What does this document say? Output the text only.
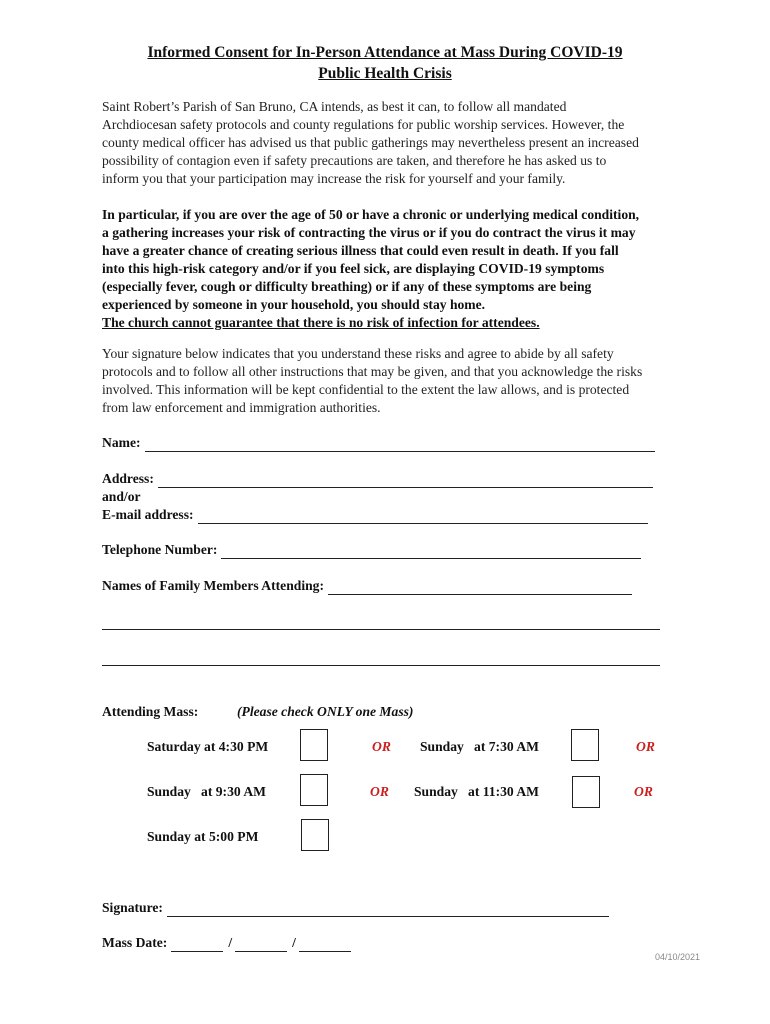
Informed Consent for In-Person Attendance at Mass During COVID-19
Public Health Crisis
Saint Robert’s Parish of San Bruno, CA intends, as best it can, to follow all mandated
Archdiocesan safety protocols and county regulations for public worship services. However, the
county medical officer has advised us that public gatherings may nevertheless present an increased
possibility of contagion even if safety precautions are taken, and therefore he has asked us to
inform you that your participation may increase the risk for yourself and your family.
In particular, if you are over the age of 50 or have a chronic or underlying medical condition,
a gathering increases your risk of contracting the virus or if you do contract the virus it may
have a greater chance of creating serious illness that could even result in death. If you fall
into this high-risk category and/or if you feel sick, are displaying COVID-19 symptoms
(especially fever, cough or difficulty breathing) or if any of these symptoms are being
experienced by someone in your household, you should stay home.
The church cannot guarantee that there is no risk of infection for attendees.
Your signature below indicates that you understand these risks and agree to abide by all safety
protocols and to follow all other instructions that may be given, and that you acknowledge the risks
involved. This information will be kept confidential to the extent the law allows, and is protected
from law enforcement and immigration authorities.
Name:
Address:
and/or
E-mail address:
Telephone Number:
Names of Family Members Attending:
Attending Mass:	(Please check ONLY one Mass)
Saturday at 4:30 PM	OR Sunday   at 7:30 AM	OR
Sunday   at 9:30 AM	OR Sunday   at 11:30 AM	OR
Sunday at 5:00 PM
Signature:
Mass Date:	/	/
04/10/2021
